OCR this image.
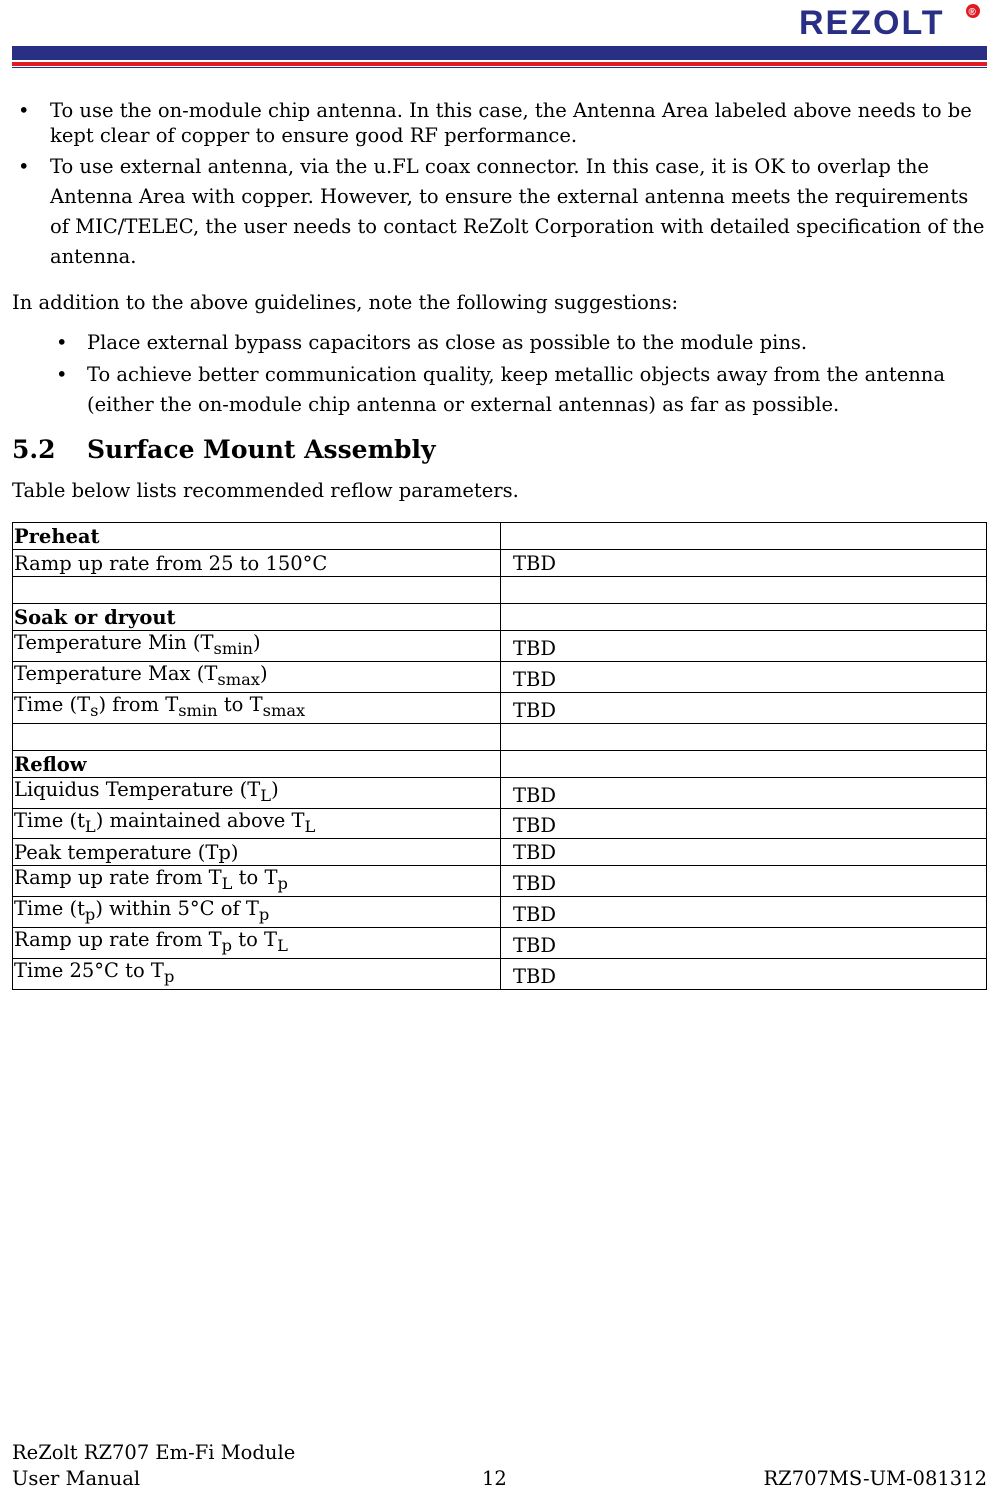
REZOLT ®
• To use the on-module chip antenna. In this case, the Antenna Area labeled above needs to be kept clear of copper to ensure good RF performance.
• To use external antenna, via the u.FL coax connector. In this case, it is OK to overlap the Antenna Area with copper. However, to ensure the external antenna meets the requirements of MIC/TELEC, the user needs to contact ReZolt Corporation with detailed specification of the antenna.

In addition to the above guidelines, note the following suggestions:

• Place external bypass capacitors as close as possible to the module pins.
• To achieve better communication quality, keep metallic objects away from the antenna (either the on-module chip antenna or external antennas) as far as possible.
5.2 Surface Mount Assembly

Table below lists recommended reflow parameters.

Preheat	
Ramp up rate from 25 to 150°C	TBD

Soak or dryout	
Temperature Min $(T_{smin})$	TBD
Temperature Max $(T_{smax})$	TBD
Time $(T_s)$ from $T_{smin}$ to $T_{smax}$	TBD

Reflow	
Liquidus Temperature $(T_L)$	TBD
Time $(t_L)$ maintained above $T_L$	TBD
Peak temperature (Tp)	TBD
Ramp up rate from $T_L$ to $T_p$	TBD
Time $(t_p)$ within 5°C of $T_p$	TBD
Ramp up rate from $T_p$ to $T_L$	TBD
Time 25°C to $T_p$	TBD
ReZolt RZ707 Em-Fi Module
User Manual	12	RZ707MS-UM-081312
